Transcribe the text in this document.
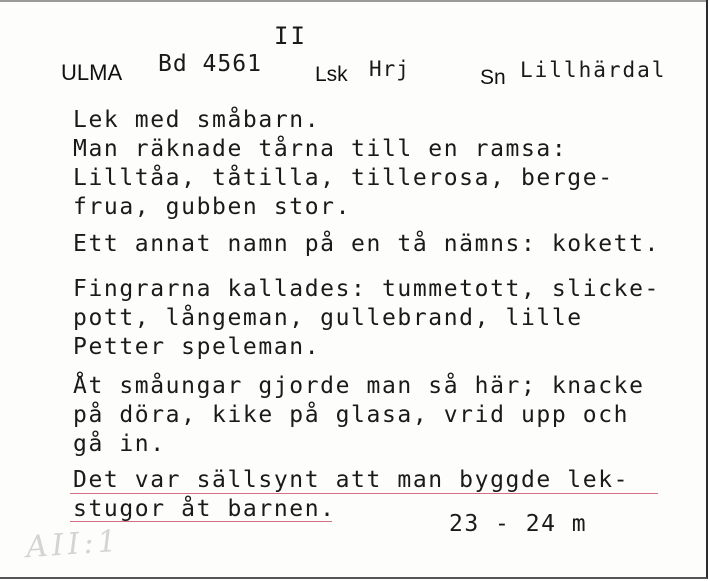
II
ULMA Bd 4561	Lsk Hrj	Sn Lillhärdal
Lek med småbarn.
Man räknade tårna till en ramsa:
Lilltåa, tåtilla, tillerosa, berge-
frua, gubben stor.
Ett annat namn på en tå nämns: kokett.
Fingrarna kallades: tummetott, slicke-
pott, långeman, gullebrand, lille
Petter speleman.
Åt småungar gjorde man så här; knacke
på döra, kike på glasa, vrid upp och
gå in.
Det var sällsynt att man byggde lek-
stugor åt barnen.
23 - 24 m
AII:1
